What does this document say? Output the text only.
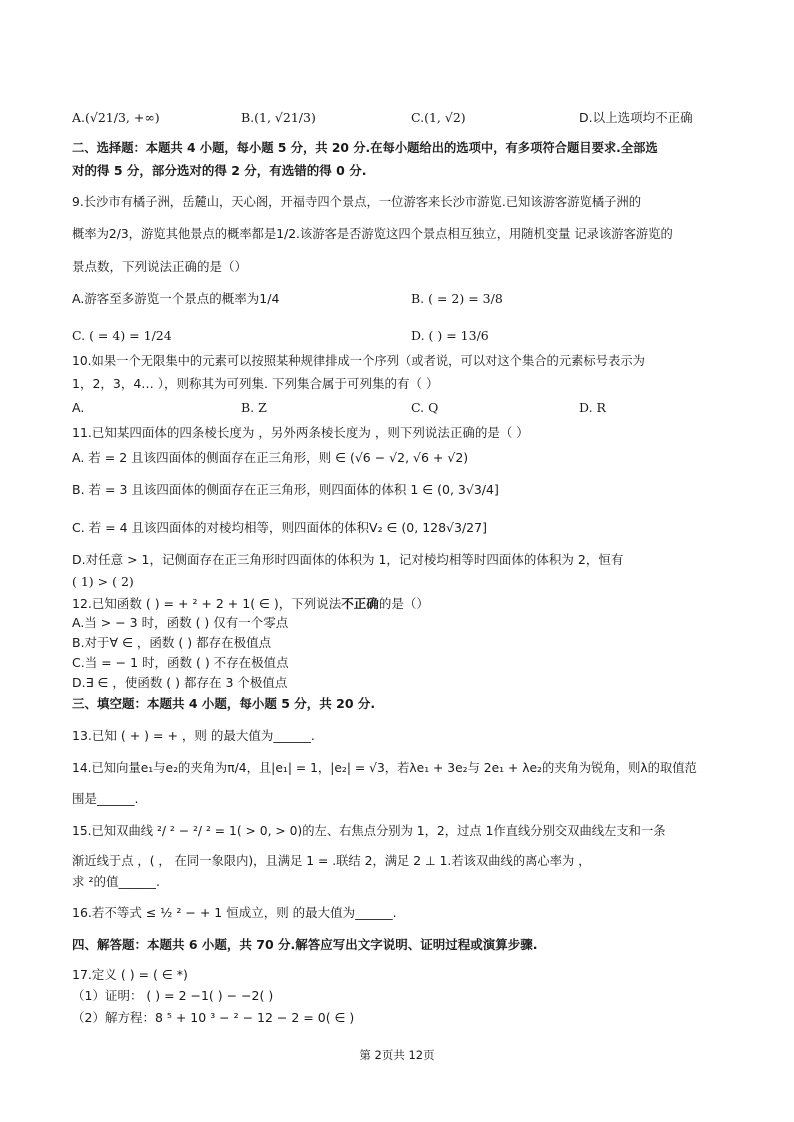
A.(√21/3, +∞)	B.(1, √21/3)	C.(1, √2)	D.以上选项均不正确
二、选择题：本题共 4 小题，每小题 5 分，共 20 分.在每小题给出的选项中，有多项符合题目要求.全部选
对的得 5 分，部分选对的得 2 分，有选错的得 0 分.
9.长沙市有橘子洲，岳麓山，天心阁，开福寺四个景点，一位游客来长沙市游览.已知该游客游览橘子洲的
概率为2/3，游览其他景点的概率都是1/2.该游客是否游览这四个景点相互独立，用随机变量 记录该游客游览的
景点数，下列说法正确的是（）
A.游客至多游览一个景点的概率为1/4	B. ( = 2) = 3/8
C. ( = 4) = 1/24	D. ( ) = 13/6
10.如果一个无限集中的元素可以按照某种规律排成一个序列（或者说，可以对这个集合的元素标号表示为
1，2，3，4… ），则称其为可列集. 下列集合属于可列集的有（ ）
A.	B. Z	C. Q	D. R
11.已知某四面体的四条棱长度为 ，另外两条棱长度为 ，则下列说法正确的是（ ）
A. 若 = 2 且该四面体的侧面存在正三角形，则 ∈ (√6 − √2, √6 + √2)
B. 若 = 3 且该四面体的侧面存在正三角形，则四面体的体积 1 ∈ (0, 3√3/4]
C. 若 = 4 且该四面体的对棱均相等，则四面体的体积V₂ ∈ (0, 128√3/27]
D.对任意 > 1，记侧面存在正三角形时四面体的体积为 1，记对棱均相等时四面体的体积为 2，恒有
( 1) > ( 2)
12.已知函数 ( ) = + ² + 2 + 1( ∈ )，下列说法不正确的是（）
A.当 > − 3 时，函数 ( ) 仅有一个零点
B.对于∀ ∈ ，函数 ( ) 都存在极值点
C.当 = − 1 时，函数 ( ) 不存在极值点
D.∃ ∈ ，使函数 ( ) 都存在 3 个极值点
三、填空题：本题共 4 小题，每小题 5 分，共 20 分.
13.已知 ( + ) = + ，则 的最大值为______.
14.已知向量e₁与e₂的夹角为π/4，且|e₁| = 1，|e₂| = √3，若λe₁ + 3e₂与 2e₁ + λe₂的夹角为锐角，则λ的取值范
围是______.
15.已知双曲线 ²/ ² − ²/ ² = 1( > 0, > 0)的左、右焦点分别为 1，2，过点 1作直线分别交双曲线左支和一条
渐近线于点 ，( ， 在同一象限内)，且满足 1 = .联结 2，满足 2 ⊥ 1.若该双曲线的离心率为 ，
求 ²的值______.
16.若不等式 ≤ ½ ² − + 1 恒成立，则 的最大值为______.
四、解答题：本题共 6 小题，共 70 分.解答应写出文字说明、证明过程或演算步骤.
17.定义 ( ) = ( ∈ *)
（1）证明： ( ) = 2 −1( ) − −2( )
（2）解方程：8 ⁵ + 10 ³ − ² − 12 − 2 = 0( ∈ )
第 2页共 12页
